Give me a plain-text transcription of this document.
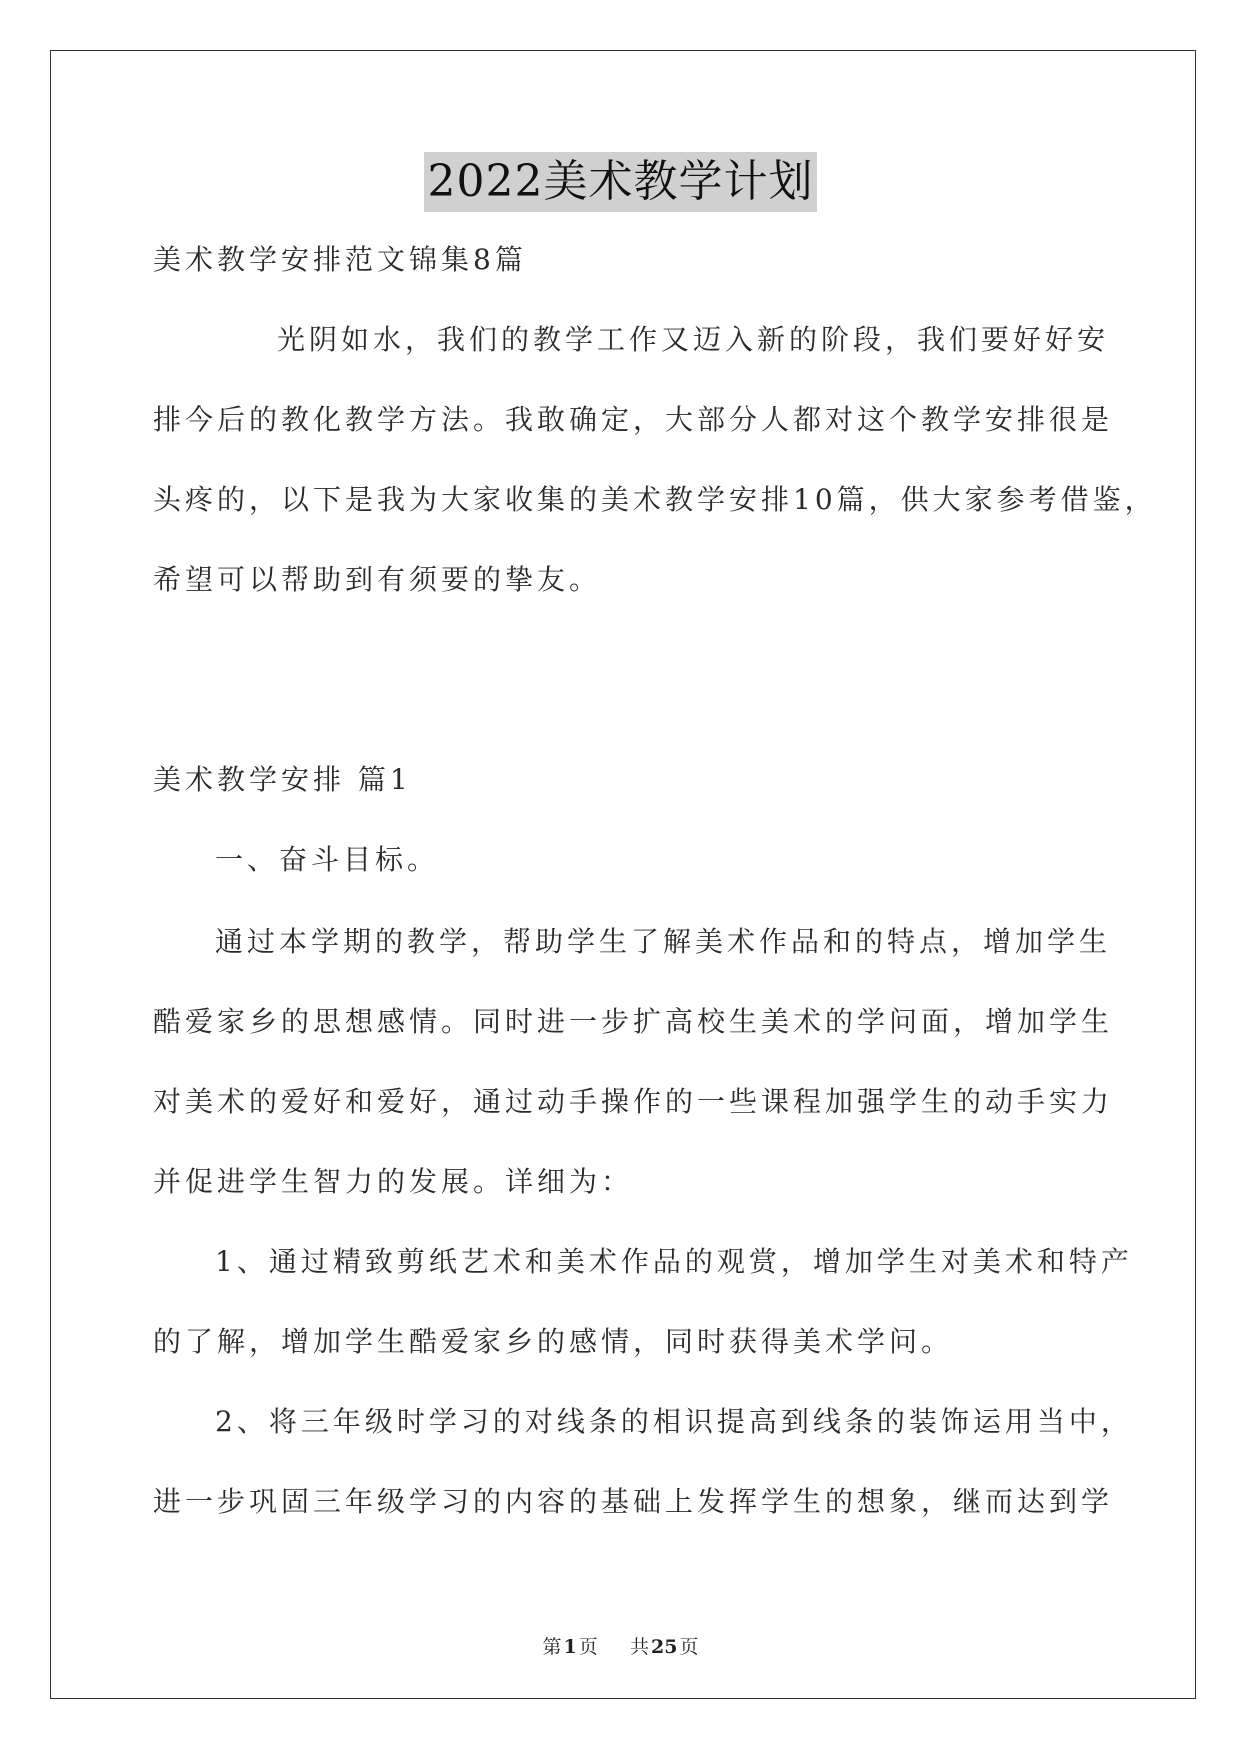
2022美术教学计划
美术教学安排范文锦集8篇
光阴如水，我们的教学工作又迈入新的阶段，我们要好好安
排今后的教化教学方法。我敢确定，大部分人都对这个教学安排很是
头疼的，以下是我为大家收集的美术教学安排10篇，供大家参考借鉴，
希望可以帮助到有须要的挚友。
美术教学安排 篇1
一、奋斗目标。
通过本学期的教学，帮助学生了解美术作品和的特点，增加学生
酷爱家乡的思想感情。同时进一步扩高校生美术的学问面，增加学生
对美术的爱好和爱好，通过动手操作的一些课程加强学生的动手实力
并促进学生智力的发展。详细为：
1、通过精致剪纸艺术和美术作品的观赏，增加学生对美术和特产
的了解，增加学生酷爱家乡的感情，同时获得美术学问。
2、将三年级时学习的对线条的相识提高到线条的装饰运用当中，
进一步巩固三年级学习的内容的基础上发挥学生的想象，继而达到学
第 1 页 共 25 页
